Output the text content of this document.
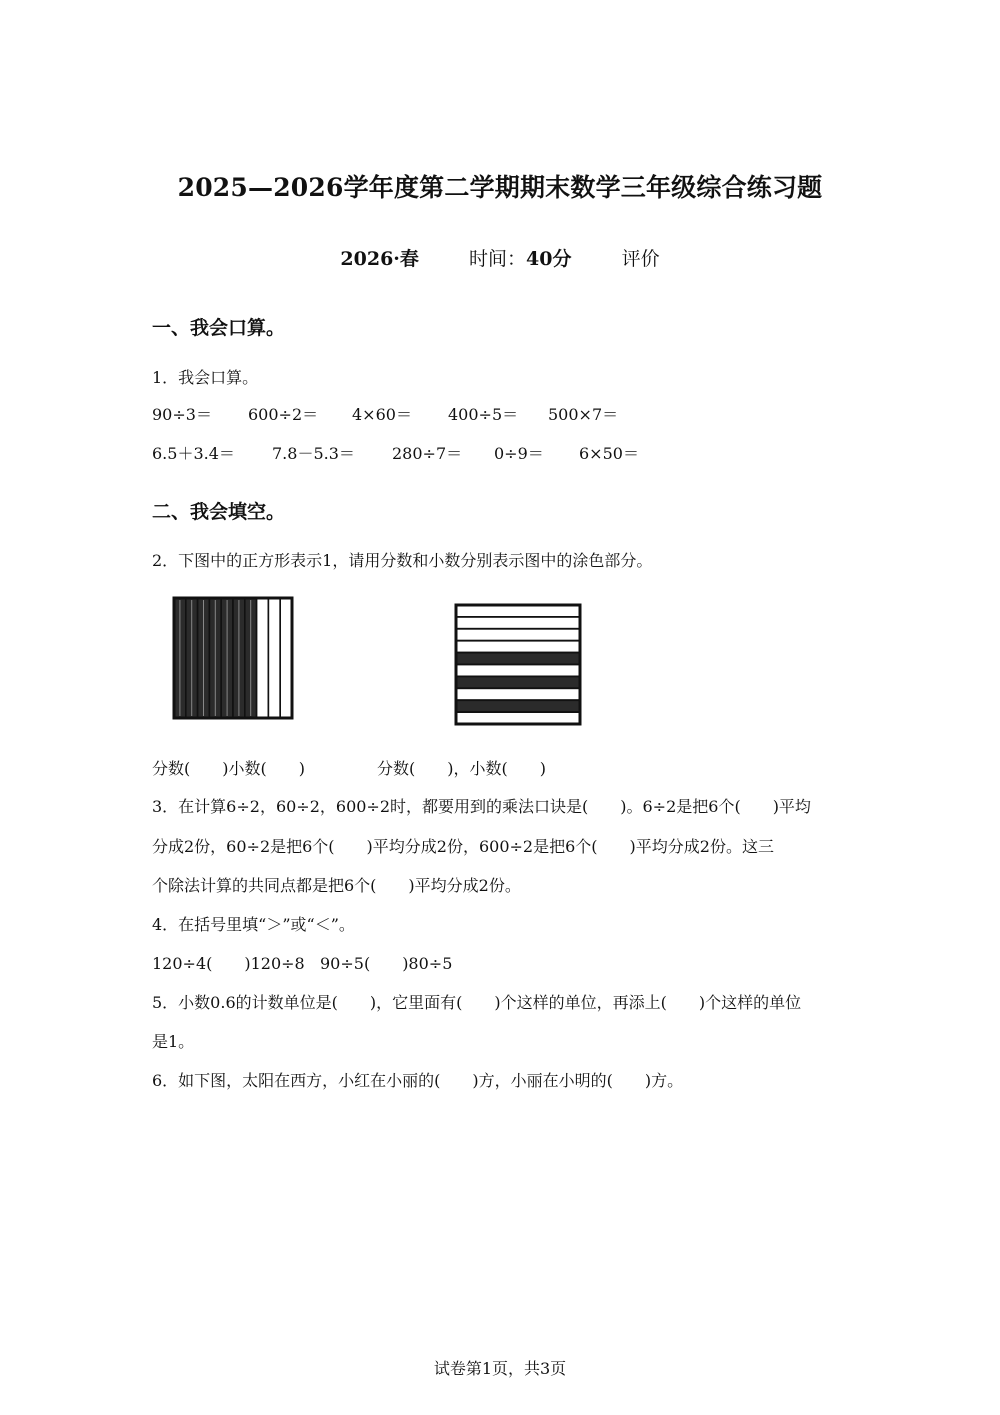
2025—2026学年度第二学期期末数学三年级综合练习题
2026·春	时间：40分	评价
一、我会口算。
1．我会口算。
90÷3＝ 600÷2＝ 4×60＝ 400÷5＝ 500×7＝
6.5＋3.4＝ 7.8－5.3＝ 280÷7＝ 0÷9＝ 6×50＝
二、我会填空。
2．下图中的正方形表示1，请用分数和小数分别表示图中的涂色部分。
分数(　　)小数(　　)	分数(　　)，小数(　　)
3．在计算6÷2，60÷2，600÷2时，都要用到的乘法口诀是(　　)。6÷2是把6个(　　)平均
分成2份，60÷2是把6个(　　)平均分成2份，600÷2是把6个(　　)平均分成2份。这三
个除法计算的共同点都是把6个(　　)平均分成2份。
4．在括号里填“＞”或“＜”。
120÷4(　　)120÷8 90÷5(　　)80÷5
5．小数0.6的计数单位是(　　)，它里面有(　　)个这样的单位，再添上(　　)个这样的单位
是1。
6．如下图，太阳在西方，小红在小丽的(　　)方，小丽在小明的(　　)方。
试卷第1页，共3页
